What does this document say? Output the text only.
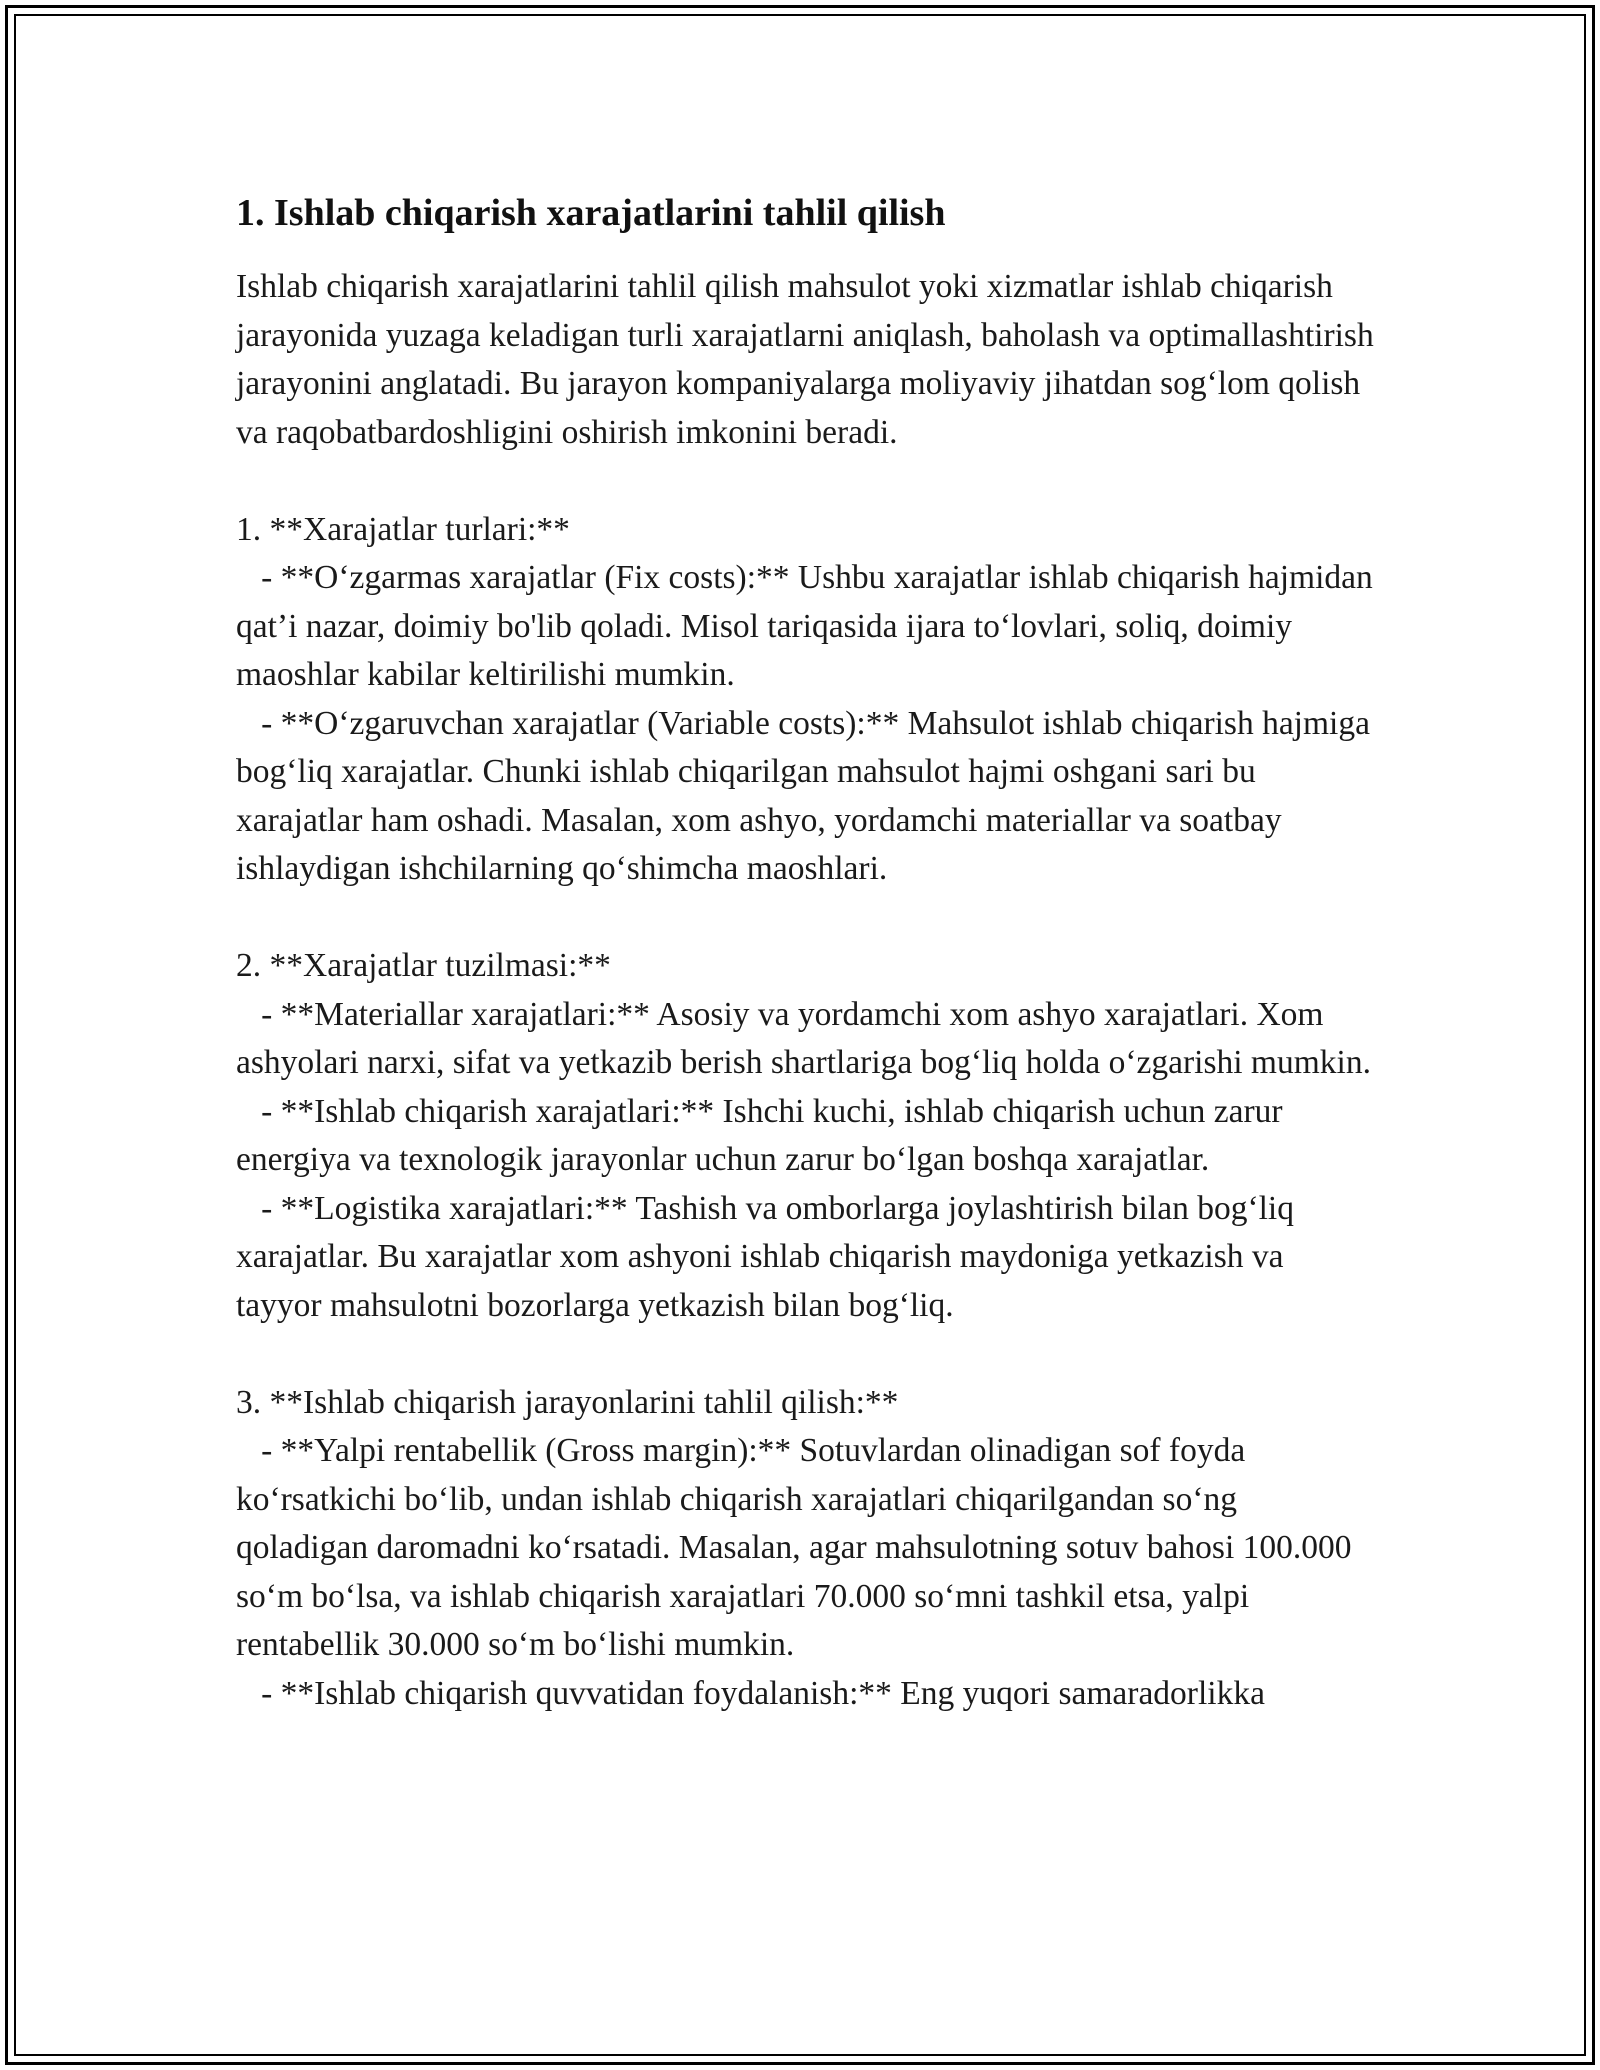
1. Ishlab chiqarish xarajatlarini tahlil qilish

Ishlab chiqarish xarajatlarini tahlil qilish mahsulot yoki xizmatlar ishlab chiqarish jarayonida yuzaga keladigan turli xarajatlarni aniqlash, baholash va optimallashtirish jarayonini anglatadi. Bu jarayon kompaniyalarga moliyaviy jihatdan sog‘lom qolish va raqobatbardoshligini oshirish imkonini beradi.

1. **Xarajatlar turlari:**

- **O‘zgarmas xarajatlar (Fix costs):** Ushbu xarajatlar ishlab chiqarish hajmidan qat’i nazar, doimiy bo'lib qoladi. Misol tariqasida ijara to‘lovlari, soliq, doimiy maoshlar kabilar keltirilishi mumkin.

- **O‘zgaruvchan xarajatlar (Variable costs):** Mahsulot ishlab chiqarish hajmiga bog‘liq xarajatlar. Chunki ishlab chiqarilgan mahsulot hajmi oshgani sari bu xarajatlar ham oshadi. Masalan, xom ashyo, yordamchi materiallar va soatbay ishlaydigan ishchilarning qo‘shimcha maoshlari.

2. **Xarajatlar tuzilmasi:**

- **Materiallar xarajatlari:** Asosiy va yordamchi xom ashyo xarajatlari. Xom ashyolari narxi, sifat va yetkazib berish shartlariga bog‘liq holda o‘zgarishi mumkin.

- **Ishlab chiqarish xarajatlari:** Ishchi kuchi, ishlab chiqarish uchun zarur energiya va texnologik jarayonlar uchun zarur bo‘lgan boshqa xarajatlar.

- **Logistika xarajatlari:** Tashish va omborlarga joylashtirish bilan bog‘liq xarajatlar. Bu xarajatlar xom ashyoni ishlab chiqarish maydoniga yetkazish va tayyor mahsulotni bozorlarga yetkazish bilan bog‘liq.

3. **Ishlab chiqarish jarayonlarini tahlil qilish:**

- **Yalpi rentabellik (Gross margin):** Sotuvlardan olinadigan sof foyda ko‘rsatkichi bo‘lib, undan ishlab chiqarish xarajatlari chiqarilgandan so‘ng qoladigan daromadni ko‘rsatadi. Masalan, agar mahsulotning sotuv bahosi 100.000 so‘m bo‘lsa, va ishlab chiqarish xarajatlari 70.000 so‘mni tashkil etsa, yalpi rentabellik 30.000 so‘m bo‘lishi mumkin.

- **Ishlab chiqarish quvvatidan foydalanish:** Eng yuqori samaradorlikka
